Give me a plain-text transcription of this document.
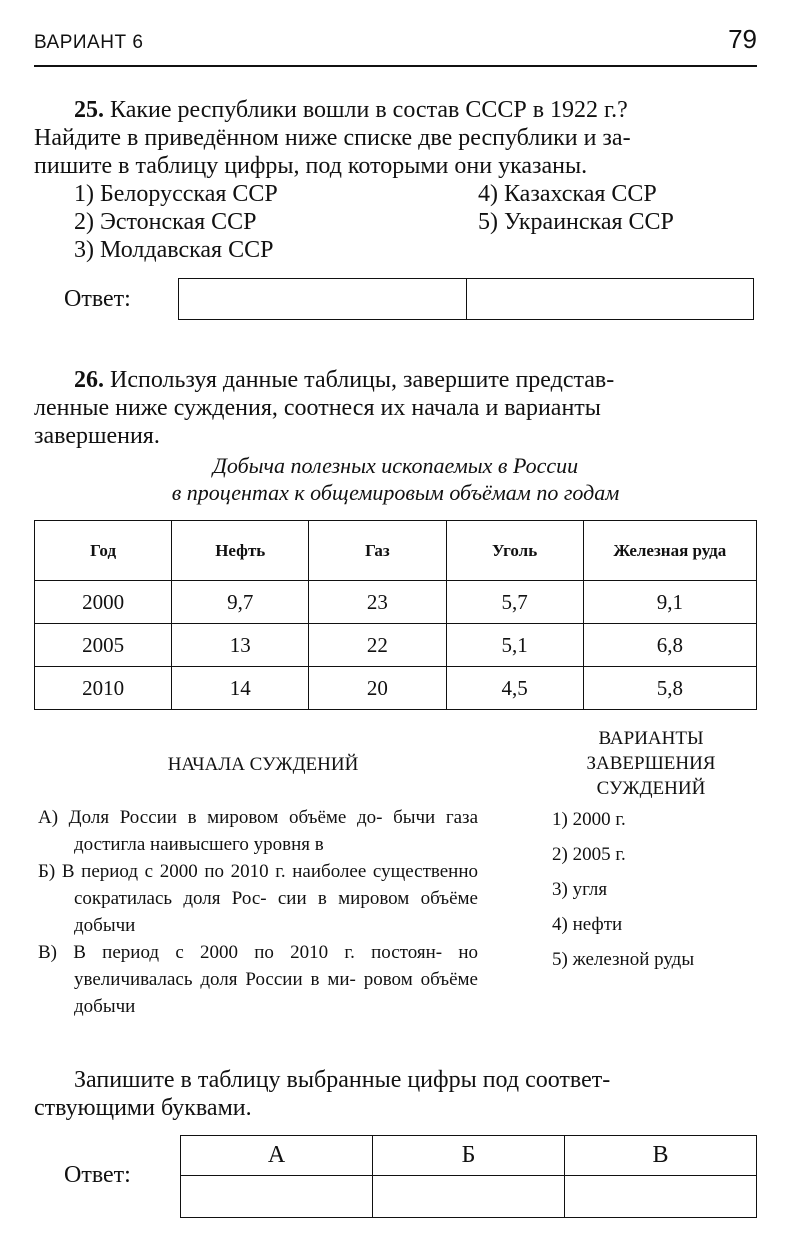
ВАРИАНТ 6	79
25. Какие республики вошли в состав СССР в 1922 г.?
Найдите в приведённом ниже списке две республики и за-
пишите в таблицу цифры, под которыми они указаны.
1) Белорусская ССР
2) Эстонская ССР
3) Молдавская ССР
4) Казахская ССР
5) Украинская ССР
Ответ:

26. Используя данные таблицы, завершите представ-
ленные ниже суждения, соотнеся их начала и варианты
завершения.
Добыча полезных ископаемых в России
в процентах к общемировым объёмам по годам
Год	Нефть	Газ	Уголь	Железная руда
2000	9,7	23	5,7	9,1
2005	13	22	5,1	6,8
2010	14	20	4,5	5,8
НАЧАЛА СУЖДЕНИЙ
ВАРИАНТЫ
ЗАВЕРШЕНИЯ
СУЖДЕНИЙ
А) Доля России в мировом объёме до- бычи газа достигла наивысшего уровня в
Б) В период с 2000 по 2010 г. наиболее существенно сократилась доля Рос- сии в мировом объёме добычи
В) В период с 2000 по 2010 г. постоян- но увеличивалась доля России в ми- ровом объёме добычи
1) 2000 г.
2) 2005 г.
3) угля
4) нефти
5) железной руды
Запишите в таблицу выбранные цифры под соответ-
ствующими буквами.
Ответ:
А	Б	В
